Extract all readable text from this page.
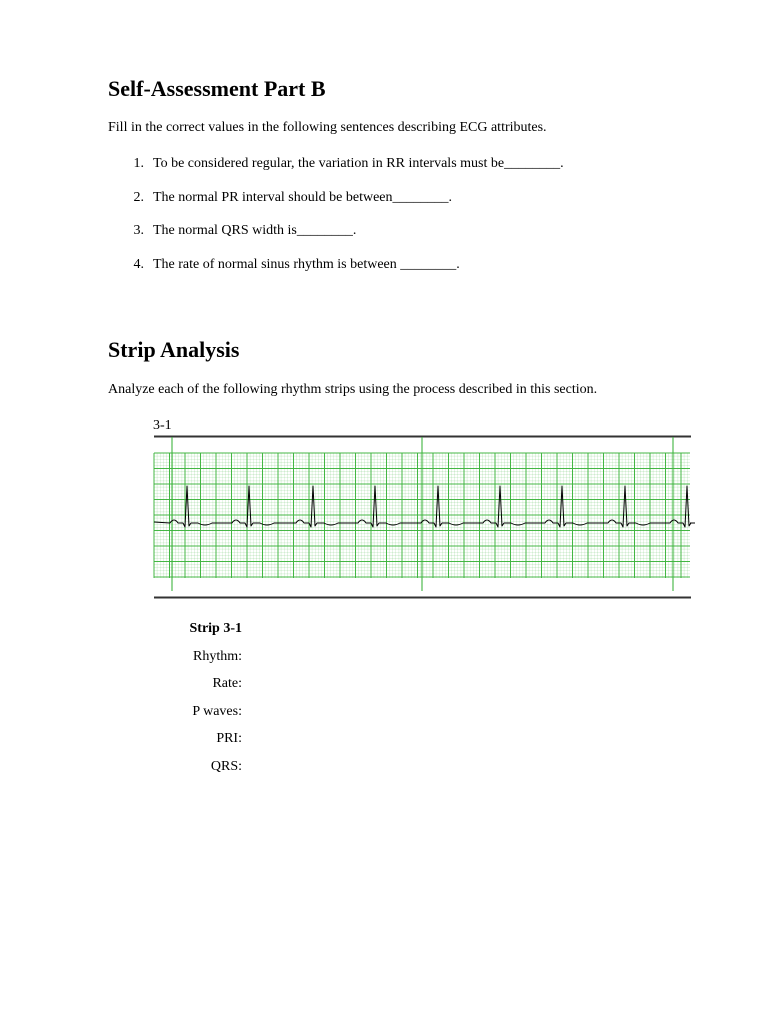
Self-Assessment Part B

Fill in the correct values in the following sentences describing ECG attributes.

1. To be considered regular, the variation in RR intervals must be________.
2. The normal PR interval should be between________.
3. The normal QRS width is________.
4. The rate of normal sinus rhythm is between ________.
Strip Analysis

Analyze each of the following rhythm strips using the process described in this section.

3-1
Strip 3-1
Rhythm:
Rate:
P waves:
PRI:
QRS:
